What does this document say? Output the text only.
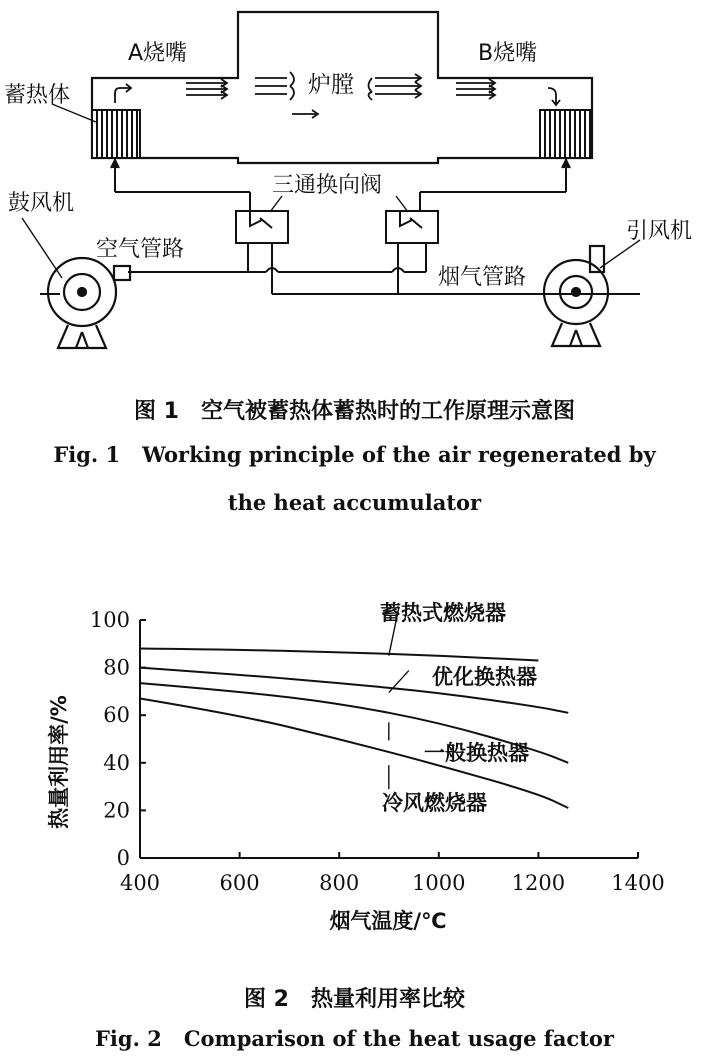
A烧嘴	B烧嘴
炉膛
蓄热体
鼓风机
空气管路
三通换向阀
烟气管路
引风机
图 1 空气被蓄热体蓄热时的工作原理示意图
Fig. 1 Working principle of the air regenerated by
the heat accumulator
400	600	800	1000 1200 1400
0
20
40
60
80
100	蓄热式燃烧器
优化换热器
一般换热器
冷风燃烧器
热量利用率/%
烟气温度/℃
图 2 热量利用率比较
Fig. 2 Comparison of the heat usage factor
